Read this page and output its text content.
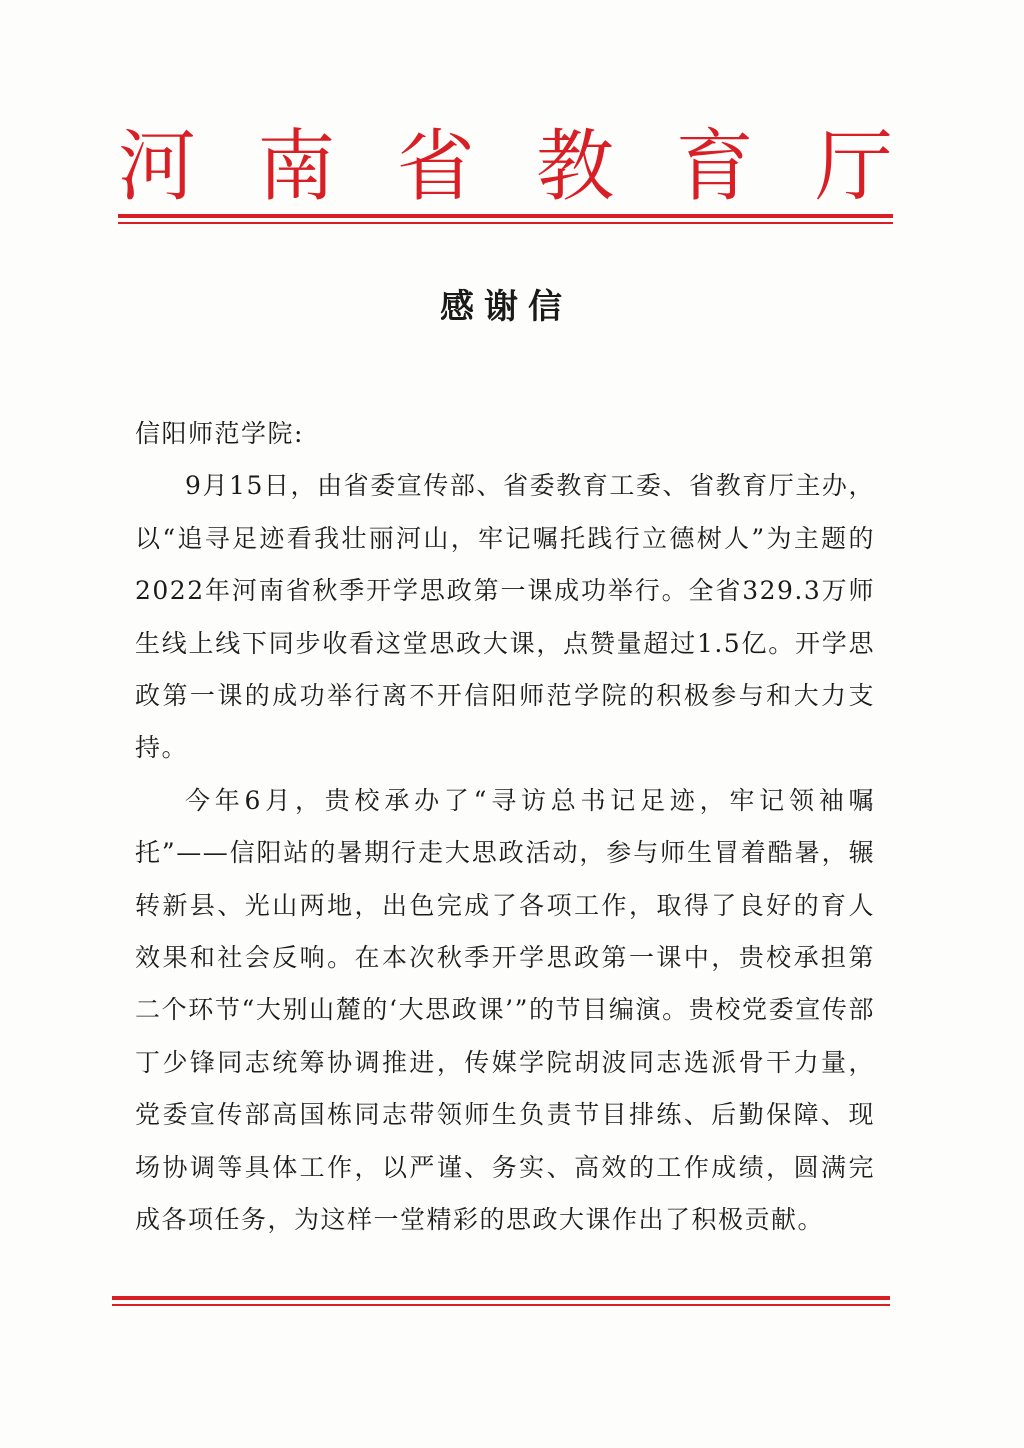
河 南 省 教 育 厅
感谢信

信阳师范学院:

9月15日，由省委宣传部、省委教育工委、省教育厅主办，以“追寻足迹看我壮丽河山，牢记嘱托践行立德树人”为主题的2022年河南省秋季开学思政第一课成功举行。全省329.3万师生线上线下同步收看这堂思政大课，点赞量超过1.5亿。开学思政第一课的成功举行离不开信阳师范学院的积极参与和大力支持。

今年6月，贵校承办了“寻访总书记足迹，牢记领袖嘱托”——信阳站的暑期行走大思政活动，参与师生冒着酷暑，辗转新县、光山两地，出色完成了各项工作，取得了良好的育人效果和社会反响。在本次秋季开学思政第一课中，贵校承担第二个环节“大别山麓的‘大思政课’”的节目编演。贵校党委宣传部丁少锋同志统筹协调推进，传媒学院胡波同志选派骨干力量，党委宣传部高国栋同志带领师生负责节目排练、后勤保障、现场协调等具体工作，以严谨、务实、高效的工作成绩，圆满完成各项任务，为这样一堂精彩的思政大课作出了积极贡献。
